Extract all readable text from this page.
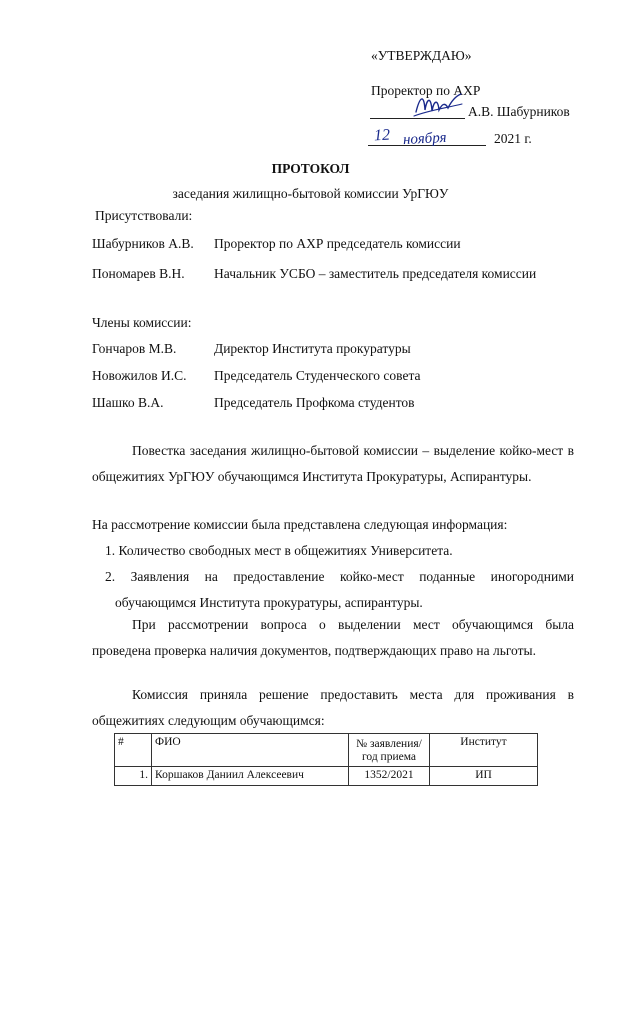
«УТВЕРЖДАЮ»
Проректор по АХР
А.В. Шабурников
12 ноября	2021 г.
ПРОТОКОЛ
заседания жилищно-бытовой комиссии УрГЮУ
Присутствовали:
Шабурников А.В. Проректор по АХР председатель комиссии
Пономарев В.Н. Начальник УСБО – заместитель председателя комиссии
Члены комиссии:
Гончаров М.В.	Директор Института прокуратуры
Новожилов И.С. Председатель Студенческого совета
Шашко В.А.	Председатель Профкома студентов

Повестка заседания жилищно-бытовой комиссии – выделение койко-мест в общежитиях УрГЮУ обучающимся Института Прокуратуры, Аспирантуры.

На рассмотрение комиссии была представлена следующая информация:

1. Количество свободных мест в общежитиях Университета.

2. Заявления на предоставление койко-мест поданные иногородними обучающимся Института прокуратуры, аспирантуры.

При рассмотрении вопроса о выделении мест обучающимся была проведена проверка наличия документов, подтверждающих право на льготы.

Комиссия приняла решение предоставить места для проживания в общежитиях следующим обучающимся:

#	ФИО	№ заявления/год приема	Институт
1.	Коршаков Даниил Алексеевич	1352/2021	ИП
